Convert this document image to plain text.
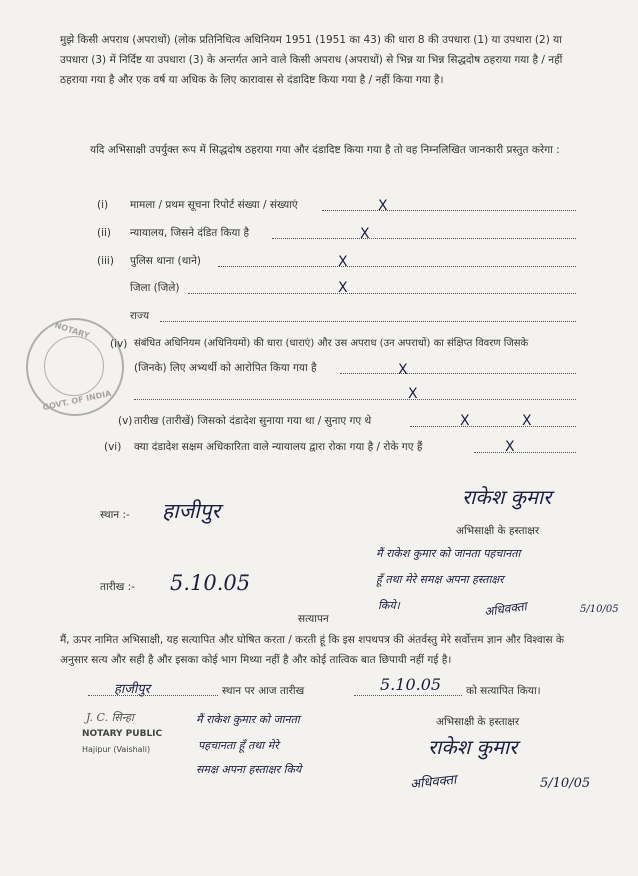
मुझे किसी अपराध (अपराधों) (लोक प्रतिनिधित्व अधिनियम 1951 (1951 का 43) की धारा 8 की उपधारा (1) या उपधारा (2) या उपधारा (3) में निर्दिष्ट या उपधारा (3) के अन्तर्गत आने वाले किसी अपराध (अपराधों) से भिन्न या भिन्न सिद्धदोष ठहराया गया है / नहीं ठहराया गया है और एक वर्ष या अधिक के लिए कारावास से दंडादिष्ट किया गया है / नहीं किया गया है।
यदि अभिसाक्षी उपर्युक्त रूप में सिद्धदोष ठहराया गया और दंडादिष्ट किया गया है तो वह निम्नलिखित जानकारी प्रस्तुत करेगा :
(i) मामला / प्रथम सूचना रिपोर्ट संख्या / संख्याएं	X
(ii) न्यायालय, जिसने दंडित किया है	X
(iii) पुलिस थाना (थाने)	X
जिला (जिले)	X
राज्य
(iv) संबंधित अधिनियम (अधिनियमों) की धारा (धाराएं) और उस अपराध (उन अपराधों) का संक्षिप्त विवरण जिसके
(जिनके) लिए अभ्यर्थी को आरोपित किया गया है	X
X
(v) तारीख (तारीखें) जिसको दंडादेश सुनाया गया था / सुनाए गए थे	X X
(vi) क्या दंडादेश सक्षम अधिकारिता वाले न्यायालय द्वारा रोका गया है / रोके गए हैं	X
NOTARY
GOVT. OF INDIA
स्थान :- हाजीपुर
राकेश कुमार
अभिसाक्षी के हस्ताक्षर
मैं राकेश कुमार को जानता पहचानता
हूँ तथा मेरे समक्ष अपना हस्ताक्षर
किये।	अधिवक्ता	5/10/05
तारीख :- 5.10.05
सत्यापन
मैं, ऊपर नामित अभिसाक्षी, यह सत्यापित और घोषित करता / करती हूं कि इस शपथपत्र की अंतर्वस्तु मेरे सर्वोत्तम ज्ञान और विश्वास के अनुसार सत्य और सही है और इसका कोई भाग मिथ्या नहीं है और कोई तात्विक बात छिपायी नहीं गई है।
हाजीपुर	स्थान पर आज तारीख	5.10.05 को सत्यापित किया।
J. C. सिन्हा
NOTARY PUBLIC
Hajipur (Vaishali)
मैं राकेश कुमार को जानता
पहचानता हूँ तथा मेरे
समक्ष अपना हस्ताक्षर किये
अभिसाक्षी के हस्ताक्षर
राकेश कुमार
अधिवक्ता	5/10/05
